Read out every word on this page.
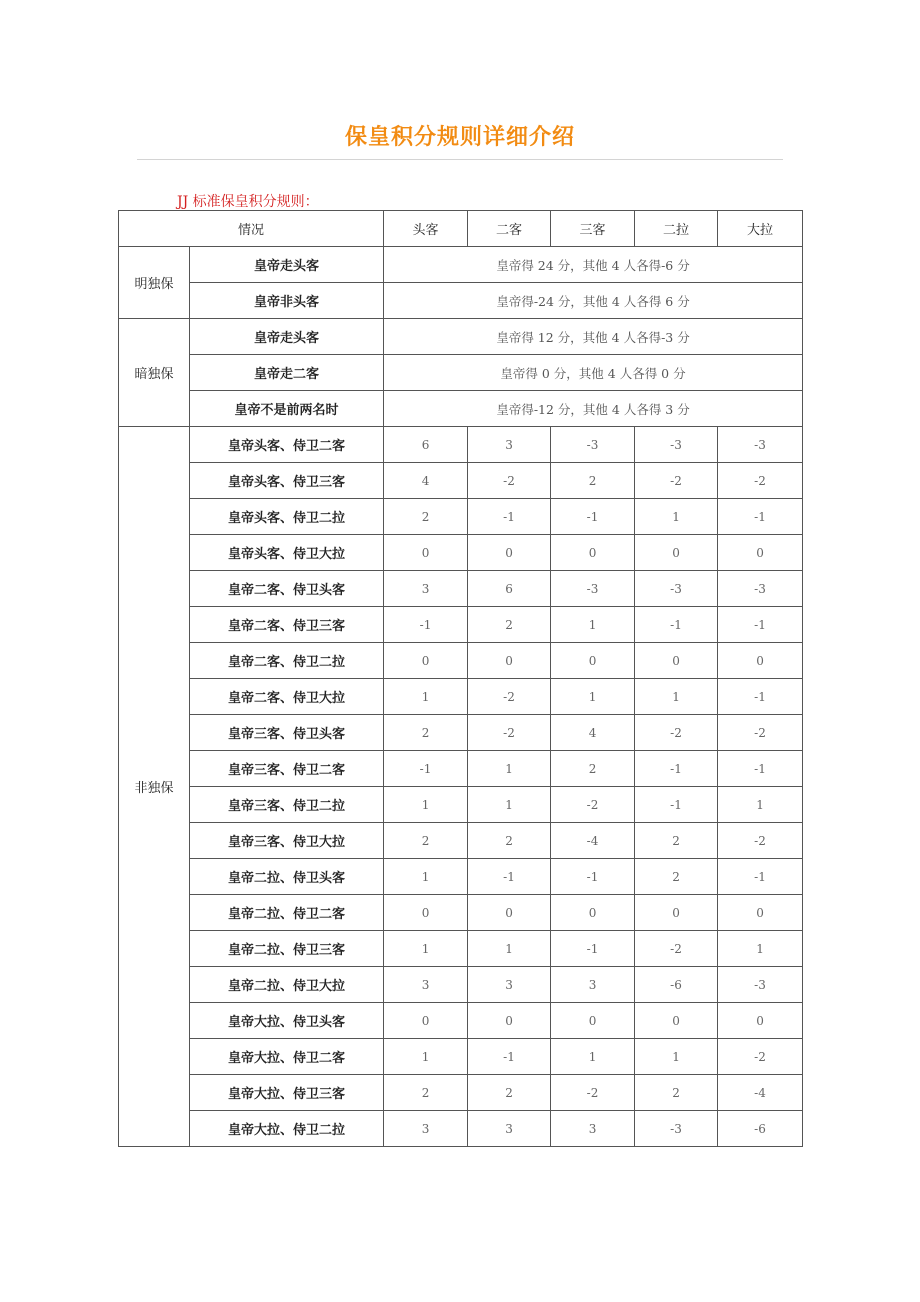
保皇积分规则详细介绍
JJ 标准保皇积分规则：
情况		头客	二客	三客	二拉	大拉
明独保	皇帝走头客	皇帝得 24 分，其他 4 人各得-6 分				
	皇帝非头客	皇帝得-24 分，其他 4 人各得 6 分				
暗独保	皇帝走头客	皇帝得 12 分，其他 4 人各得-3 分				
	皇帝走二客	皇帝得 0 分，其他 4 人各得 0 分				
	皇帝不是前两名时	皇帝得-12 分，其他 4 人各得 3 分				
非独保	皇帝头客、侍卫二客	6	3	-3	-3	-3
	皇帝头客、侍卫三客	4	-2	2	-2	-2
	皇帝头客、侍卫二拉	2	-1	-1	1	-1
	皇帝头客、侍卫大拉	0	0	0	0	0
	皇帝二客、侍卫头客	3	6	-3	-3	-3
	皇帝二客、侍卫三客	-1	2	1	-1	-1
	皇帝二客、侍卫二拉	0	0	0	0	0
	皇帝二客、侍卫大拉	1	-2	1	1	-1
	皇帝三客、侍卫头客	2	-2	4	-2	-2
	皇帝三客、侍卫二客	-1	1	2	-1	-1
	皇帝三客、侍卫二拉	1	1	-2	-1	1
	皇帝三客、侍卫大拉	2	2	-4	2	-2
	皇帝二拉、侍卫头客	1	-1	-1	2	-1
	皇帝二拉、侍卫二客	0	0	0	0	0
	皇帝二拉、侍卫三客	1	1	-1	-2	1
	皇帝二拉、侍卫大拉	3	3	3	-6	-3
	皇帝大拉、侍卫头客	0	0	0	0	0
	皇帝大拉、侍卫二客	1	-1	1	1	-2
	皇帝大拉、侍卫三客	2	2	-2	2	-4
	皇帝大拉、侍卫二拉	3	3	3	-3	-6
